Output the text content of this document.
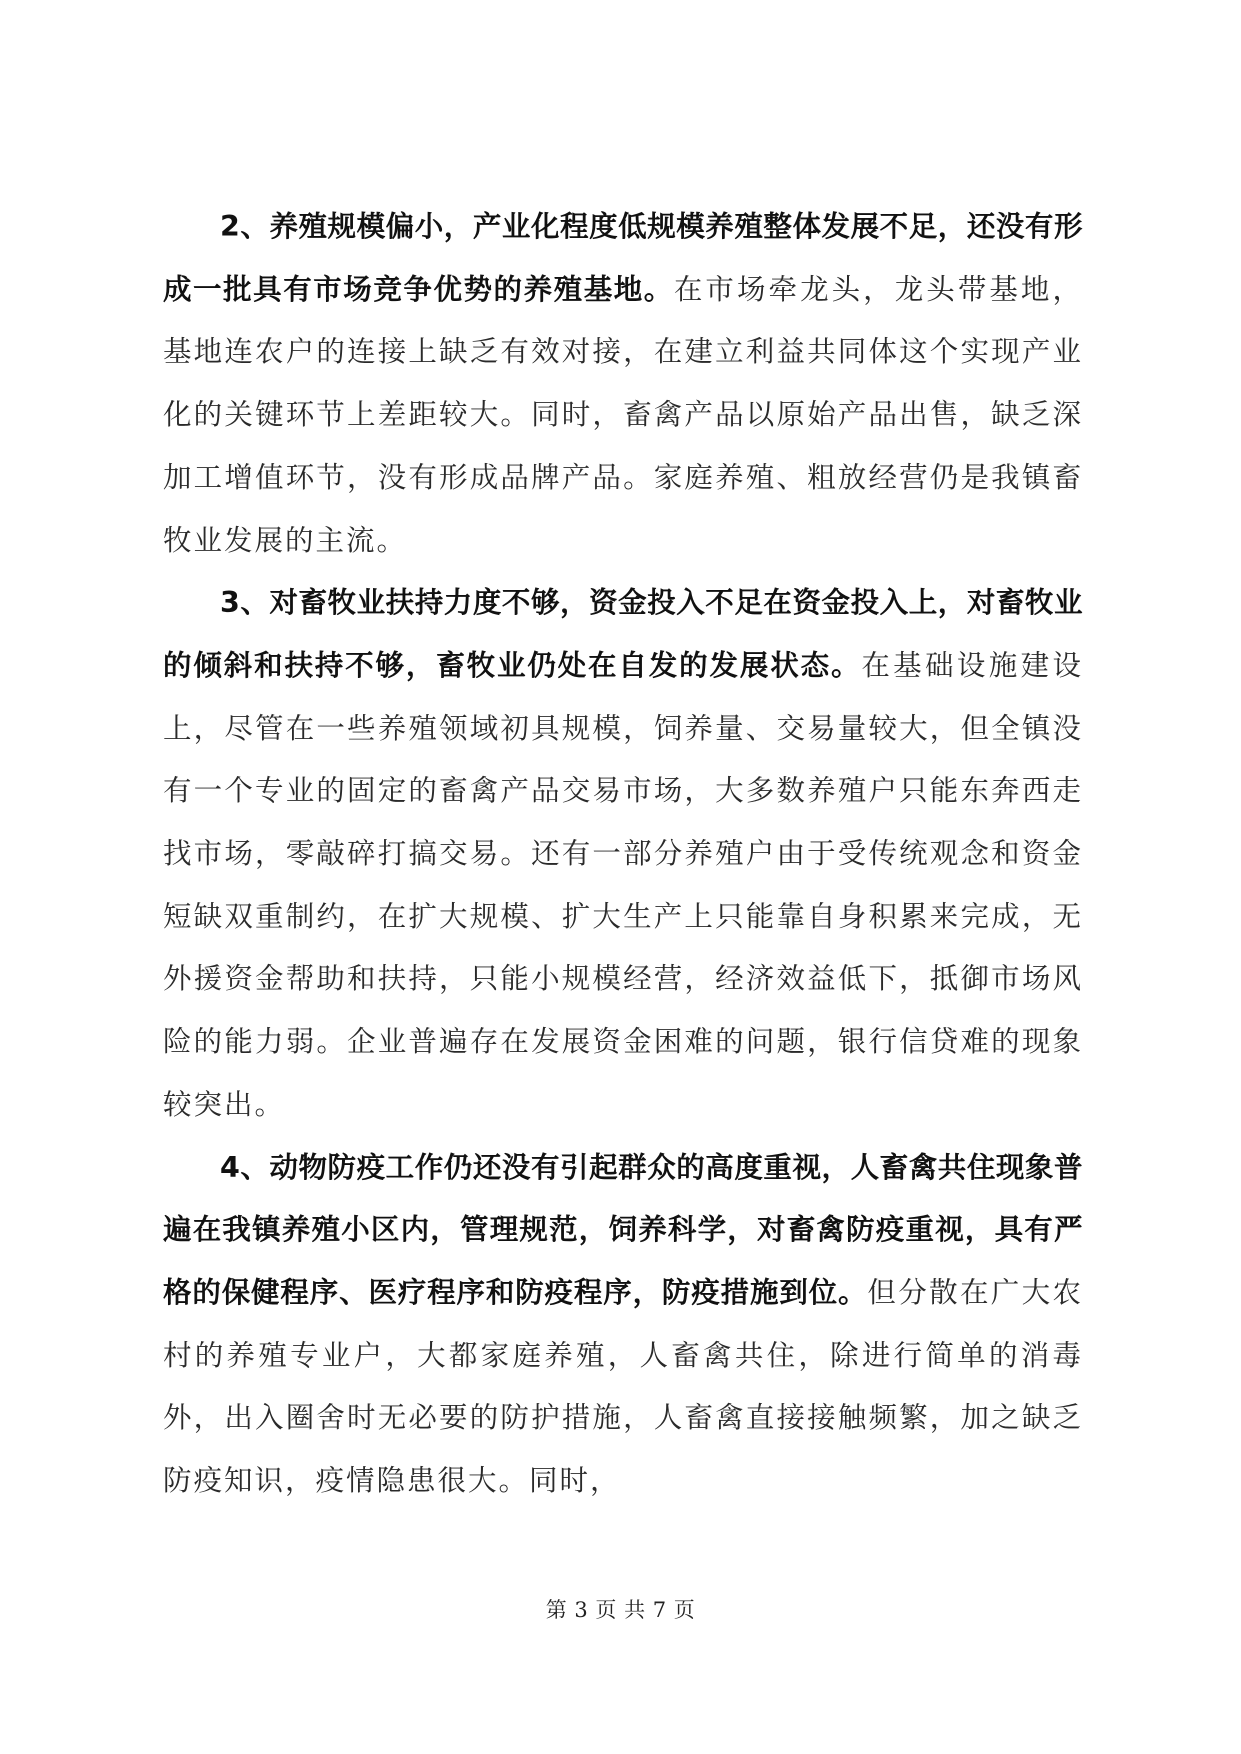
2、养殖规模偏小，产业化程度低规模养殖整体发展不足，还没有形成一批具有市场竞争优势的养殖基地。在市场牵龙头，龙头带基地，基地连农户的连接上缺乏有效对接，在建立利益共同体这个实现产业化的关键环节上差距较大。同时，畜禽产品以原始产品出售，缺乏深加工增值环节，没有形成品牌产品。家庭养殖、粗放经营仍是我镇畜牧业发展的主流。

3、对畜牧业扶持力度不够，资金投入不足在资金投入上，对畜牧业的倾斜和扶持不够，畜牧业仍处在自发的发展状态。在基础设施建设上，尽管在一些养殖领域初具规模，饲养量、交易量较大，但全镇没有一个专业的固定的畜禽产品交易市场，大多数养殖户只能东奔西走找市场，零敲碎打搞交易。还有一部分养殖户由于受传统观念和资金短缺双重制约，在扩大规模、扩大生产上只能靠自身积累来完成，无外援资金帮助和扶持，只能小规模经营，经济效益低下，抵御市场风险的能力弱。企业普遍存在发展资金困难的问题，银行信贷难的现象较突出。

4、动物防疫工作仍还没有引起群众的高度重视，人畜禽共住现象普遍在我镇养殖小区内，管理规范，饲养科学，对畜禽防疫重视，具有严格的保健程序、医疗程序和防疫程序，防疫措施到位。但分散在广大农村的养殖专业户，大都家庭养殖，人畜禽共住，除进行简单的消毒外，出入圈舍时无必要的防护措施，人畜禽直接接触频繁，加之缺乏防疫知识，疫情隐患很大。同时，

第 3 页 共 7 页
